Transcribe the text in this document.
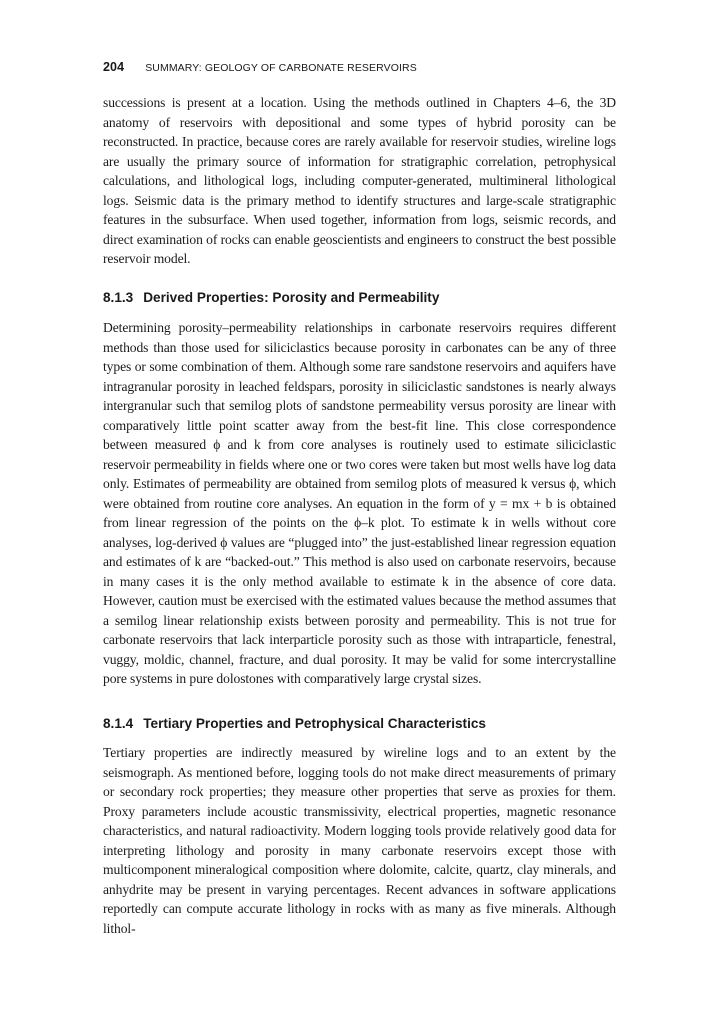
204 SUMMARY: GEOLOGY OF CARBONATE RESERVOIRS

successions is present at a location. Using the methods outlined in Chapters 4–6, the 3D anatomy of reservoirs with depositional and some types of hybrid porosity can be reconstructed. In practice, because cores are rarely available for reservoir studies, wireline logs are usually the primary source of information for stratigraphic correlation, petrophysical calculations, and lithological logs, including computer-generated, multimineral lithological logs. Seismic data is the primary method to identify structures and large-scale stratigraphic features in the subsurface. When used together, information from logs, seismic records, and direct examination of rocks can enable geoscientists and engineers to construct the best possible reservoir model.

8.1.3 Derived Properties: Porosity and Permeability

Determining porosity–permeability relationships in carbonate reservoirs requires different methods than those used for siliciclastics because porosity in carbonates can be any of three types or some combination of them. Although some rare sandstone reservoirs and aquifers have intragranular porosity in leached feldspars, porosity in siliciclastic sandstones is nearly always intergranular such that semilog plots of sandstone permeability versus porosity are linear with comparatively little point scatter away from the best-fit line. This close correspondence between measured ϕ and k from core analyses is routinely used to estimate siliciclastic reservoir permeability in fields where one or two cores were taken but most wells have log data only. Estimates of permeability are obtained from semilog plots of measured k versus ϕ, which were obtained from routine core analyses. An equation in the form of y = mx + b is obtained from linear regression of the points on the ϕ–k plot. To estimate k in wells without core analyses, log-derived ϕ values are “plugged into” the just-established linear regression equation and estimates of k are “backed-out.” This method is also used on carbonate reservoirs, because in many cases it is the only method available to estimate k in the absence of core data. However, caution must be exercised with the estimated values because the method assumes that a semilog linear relationship exists between porosity and permeability. This is not true for carbonate reservoirs that lack interparticle porosity such as those with intraparticle, fenestral, vuggy, moldic, channel, fracture, and dual porosity. It may be valid for some intercrystalline pore systems in pure dolostones with comparatively large crystal sizes.

8.1.4 Tertiary Properties and Petrophysical Characteristics

Tertiary properties are indirectly measured by wireline logs and to an extent by the seismograph. As mentioned before, logging tools do not make direct measurements of primary or secondary rock properties; they measure other properties that serve as proxies for them. Proxy parameters include acoustic transmissivity, electrical properties, magnetic resonance characteristics, and natural radioactivity. Modern logging tools provide relatively good data for interpreting lithology and porosity in many carbonate reservoirs except those with multicomponent mineralogical composition where dolomite, calcite, quartz, clay minerals, and anhydrite may be present in varying percentages. Recent advances in software applications reportedly can compute accurate lithology in rocks with as many as five minerals. Although lithol-
